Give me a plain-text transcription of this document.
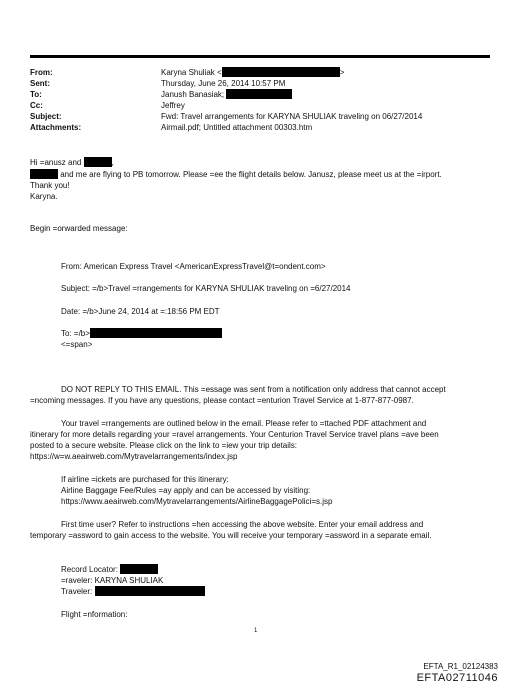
From:	Karyna Shuliak <	>
Sent:	Thursday, June 26, 2014 10:57 PM
To:	Janush Banasiak;
Cc:	Jeffrey
Subject:	Fwd: Travel arrangements for KARYNA SHULIAK traveling on 06/27/2014
Attachments:	Airmail.pdf; Untitled attachment 00303.htm
Hi =anusz and	,
and me are flying to PB tomorrow. Please =ee the flight details below. Janusz, please meet us at the =irport.
Thank you!
Karyna.
Begin =orwarded message:
From: American Express Travel <AmericanExpressTravel@t=ondent.com>
Subject: =/b>Travel =rrangements for KARYNA SHULIAK traveling on =6/27/2014
Date: =/b>June 24, 2014 at =:18:56 PM EDT
To: =/b>
<=span>
DO NOT REPLY TO THIS EMAIL. This =essage was sent from a notification only address that cannot accept
=ncoming messages. If you have any questions, please contact =enturion Travel Service at 1-877-877-0987.
Your travel =rrangements are outlined below in the email. Please refer to =ttached PDF attachment and
itinerary for more details regarding your =ravel arrangements. Your Centurion Travel Service travel plans =ave been
posted to a secure website. Please click on the link to =iew your trip details:
https://w=w.aeairweb.com/Mytravelarrangements/index.jsp
If airline =ickets are purchased for this itinerary:
Airline Baggage Fee/Rules =ay apply and can be accessed by visiting:
https://www.aeairweb.com/Mytravelarrangements/AirlineBaggagePolici=s.jsp
First time user? Refer to instructions =hen accessing the above website. Enter your email address and
temporary =assword to gain access to the website. You will receive your temporary =assword in a separate email.
Record Locator:
=raveler: KARYNA SHULIAK
Traveler:
Flight =nformation:
1
EFTA_R1_02124383
EFTA02711046
